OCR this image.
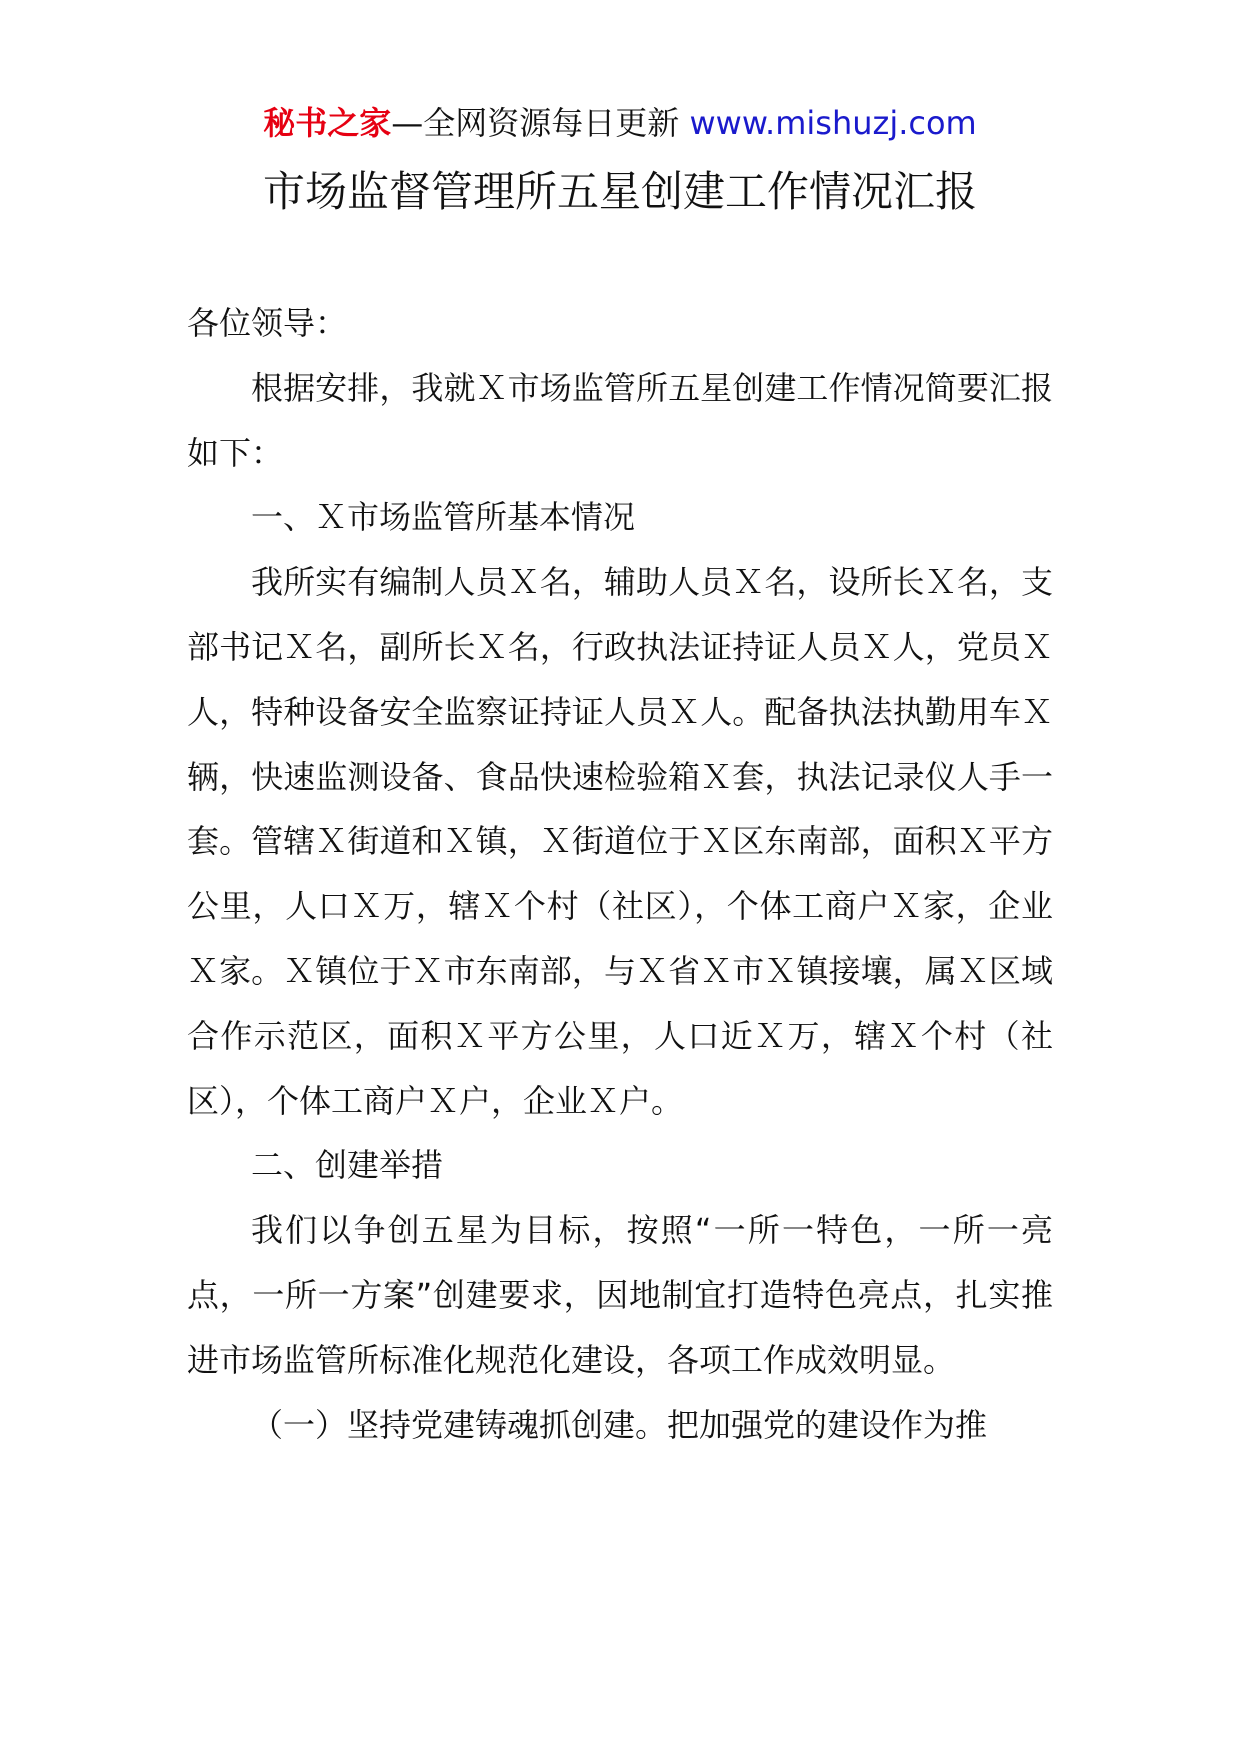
秘书之家—全网资源每日更新 www.mishuzj.com
市场监督管理所五星创建工作情况汇报

各位领导：

根据安排，我就Ｘ市场监管所五星创建工作情况简要汇报如下：

一、Ｘ市场监管所基本情况

我所实有编制人员Ｘ名，辅助人员Ｘ名，设所长Ｘ名，支部书记Ｘ名，副所长Ｘ名，行政执法证持证人员Ｘ人，党员Ｘ人，特种设备安全监察证持证人员Ｘ人。配备执法执勤用车Ｘ辆，快速监测设备、食品快速检验箱Ｘ套，执法记录仪人手一套。管辖Ｘ街道和Ｘ镇，Ｘ街道位于Ｘ区东南部，面积Ｘ平方公里，人口Ｘ万，辖Ｘ个村（社区），个体工商户Ｘ家，企业Ｘ家。Ｘ镇位于Ｘ市东南部，与Ｘ省Ｘ市Ｘ镇接壤，属Ｘ区域合作示范区，面积Ｘ平方公里，人口近Ｘ万，辖Ｘ个村（社区），个体工商户Ｘ户，企业Ｘ户。

二、创建举措

我们以争创五星为目标，按照“一所一特色，一所一亮点，一所一方案”创建要求，因地制宜打造特色亮点，扎实推进市场监管所标准化规范化建设，各项工作成效明显。

（一）坚持党建铸魂抓创建。把加强党的建设作为推
